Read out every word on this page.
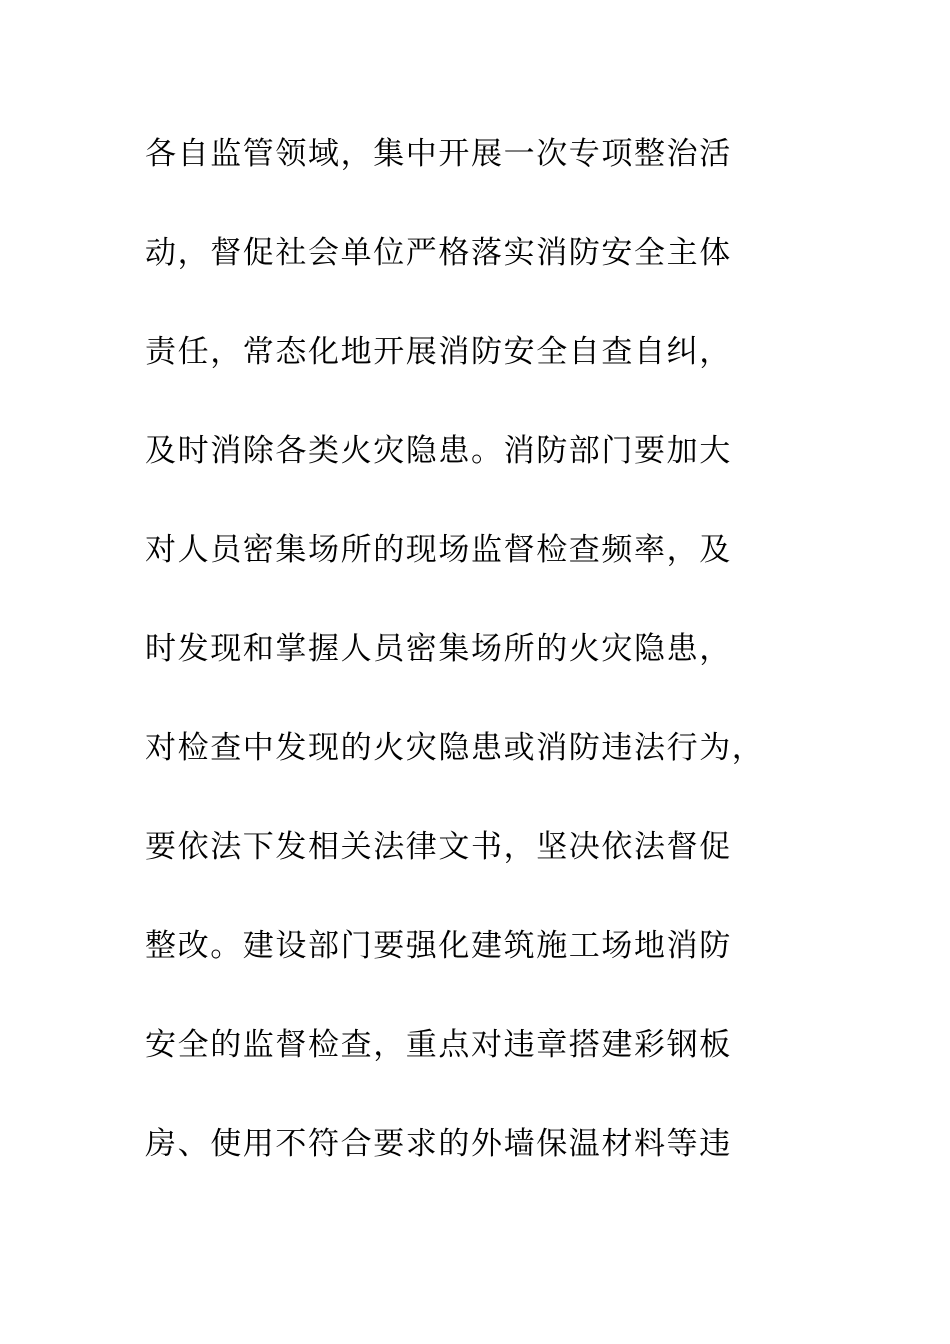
各自监管领域，集中开展一次专项整治活
动，督促社会单位严格落实消防安全主体
责任，常态化地开展消防安全自查自纠，
及时消除各类火灾隐患。消防部门要加大
对人员密集场所的现场监督检查频率，及
时发现和掌握人员密集场所的火灾隐患，
对检查中发现的火灾隐患或消防违法行为，
要依法下发相关法律文书，坚决依法督促
整改。建设部门要强化建筑施工场地消防
安全的监督检查，重点对违章搭建彩钢板
房、使用不符合要求的外墙保温材料等违
